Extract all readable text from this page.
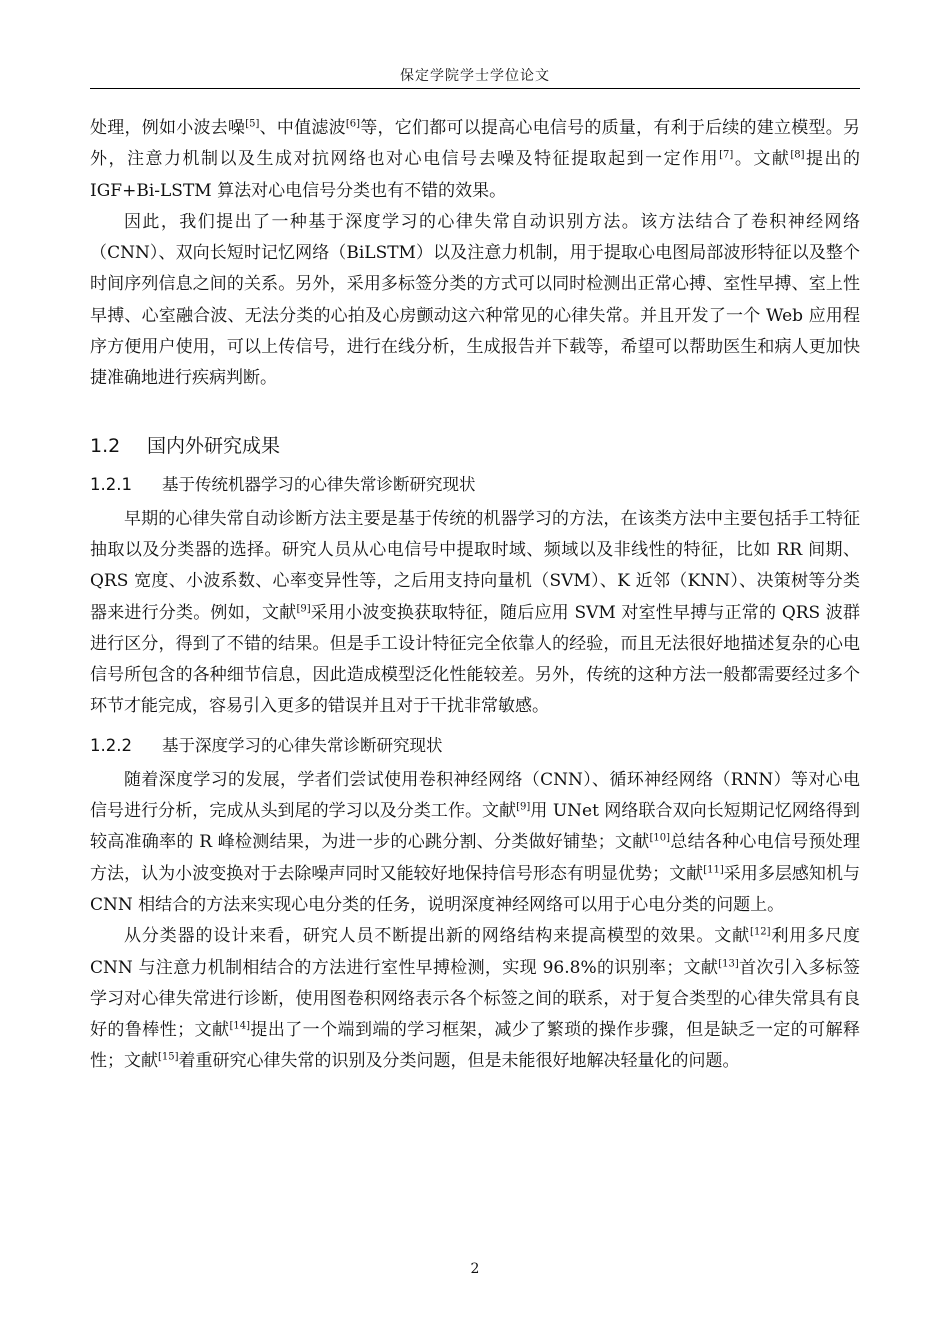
保定学院学士学位论文

处理，例如小波去噪[5]、中值滤波[6]等，它们都可以提高心电信号的质量，有利于后续的建立模型。另外，注意力机制以及生成对抗网络也对心电信号去噪及特征提取起到一定作用[7]。文献[8]提出的 IGF+Bi-LSTM 算法对心电信号分类也有不错的效果。

因此，我们提出了一种基于深度学习的心律失常自动识别方法。该方法结合了卷积神经网络（CNN）、双向长短时记忆网络（BiLSTM）以及注意力机制，用于提取心电图局部波形特征以及整个时间序列信息之间的关系。另外，采用多标签分类的方式可以同时检测出正常心搏、室性早搏、室上性早搏、心室融合波、无法分类的心拍及心房颤动这六种常见的心律失常。并且开发了一个 Web 应用程序方便用户使用，可以上传信号，进行在线分析，生成报告并下载等，希望可以帮助医生和病人更加快捷准确地进行疾病判断。

1.2 国内外研究成果
1.2.1 基于传统机器学习的心律失常诊断研究现状

早期的心律失常自动诊断方法主要是基于传统的机器学习的方法，在该类方法中主要包括手工特征抽取以及分类器的选择。研究人员从心电信号中提取时域、频域以及非线性的特征，比如 RR 间期、QRS 宽度、小波系数、心率变异性等，之后用支持向量机（SVM）、K 近邻（KNN）、决策树等分类器来进行分类。例如，文献[9]采用小波变换获取特征，随后应用 SVM 对室性早搏与正常的 QRS 波群进行区分，得到了不错的结果。但是手工设计特征完全依靠人的经验，而且无法很好地描述复杂的心电信号所包含的各种细节信息，因此造成模型泛化性能较差。另外，传统的这种方法一般都需要经过多个环节才能完成，容易引入更多的错误并且对于干扰非常敏感。

1.2.2 基于深度学习的心律失常诊断研究现状

随着深度学习的发展，学者们尝试使用卷积神经网络（CNN）、循环神经网络（RNN）等对心电信号进行分析，完成从头到尾的学习以及分类工作。文献[9]用 UNet 网络联合双向长短期记忆网络得到较高准确率的 R 峰检测结果，为进一步的心跳分割、分类做好铺垫；文献[10]总结各种心电信号预处理方法，认为小波变换对于去除噪声同时又能较好地保持信号形态有明显优势；文献[11]采用多层感知机与 CNN 相结合的方法来实现心电分类的任务，说明深度神经网络可以用于心电分类的问题上。

从分类器的设计来看，研究人员不断提出新的网络结构来提高模型的效果。文献[12]利用多尺度 CNN 与注意力机制相结合的方法进行室性早搏检测，实现 96.8%的识别率；文献[13]首次引入多标签学习对心律失常进行诊断，使用图卷积网络表示各个标签之间的联系，对于复合类型的心律失常具有良好的鲁棒性；文献[14]提出了一个端到端的学习框架，减少了繁琐的操作步骤，但是缺乏一定的可解释性；文献[15]着重研究心律失常的识别及分类问题，但是未能很好地解决轻量化的问题。

2
